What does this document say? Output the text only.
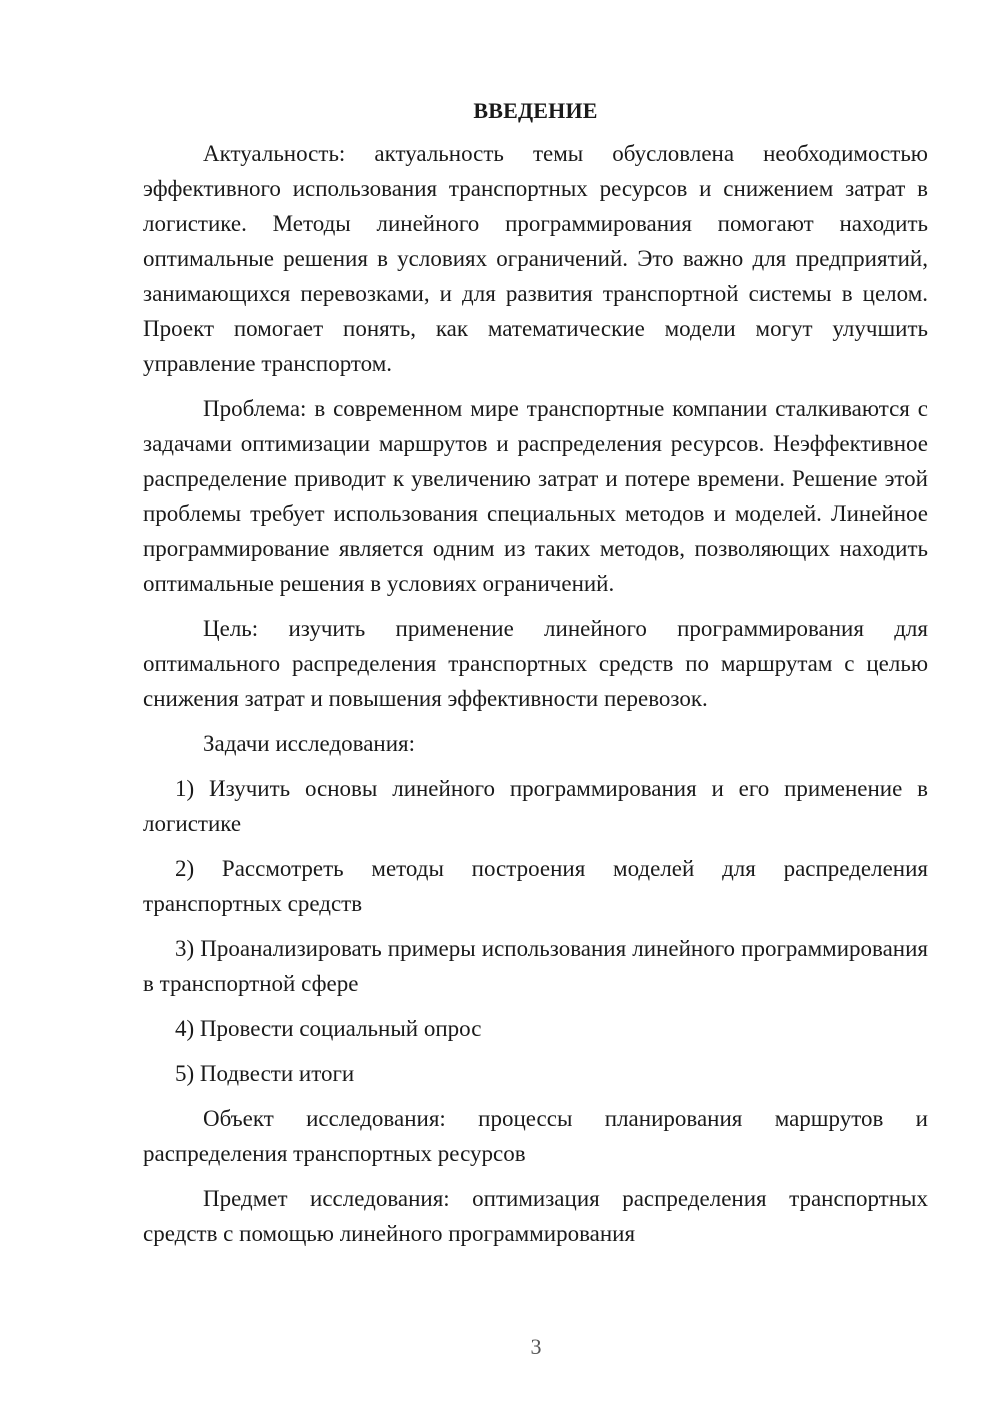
ВВЕДЕНИЕ

Актуальность: актуальность темы обусловлена необходимостью эффективного использования транспортных ресурсов и снижением затрат в логистике. Методы линейного программирования помогают находить оптимальные решения в условиях ограничений. Это важно для предприятий, занимающихся перевозками, и для развития транспортной системы в целом. Проект помогает понять, как математические модели могут улучшить управление транспортом.

Проблема: в современном мире транспортные компании сталкиваются с задачами оптимизации маршрутов и распределения ресурсов. Неэффективное распределение приводит к увеличению затрат и потере времени. Решение этой проблемы требует использования специальных методов и моделей. Линейное программирование является одним из таких методов, позволяющих находить оптимальные решения в условиях ограничений.

Цель: изучить применение линейного программирования для оптимального распределения транспортных средств по маршрутам с целью снижения затрат и повышения эффективности перевозок.

Задачи исследования:

1) Изучить основы линейного программирования и его применение в логистике

2) Рассмотреть методы построения моделей для распределения транспортных средств

3) Проанализировать примеры использования линейного программирования в транспортной сфере

4) Провести социальный опрос

5) Подвести итоги

Объект исследования: процессы планирования маршрутов и распределения транспортных ресурсов

Предмет исследования: оптимизация распределения транспортных средств с помощью линейного программирования

3
